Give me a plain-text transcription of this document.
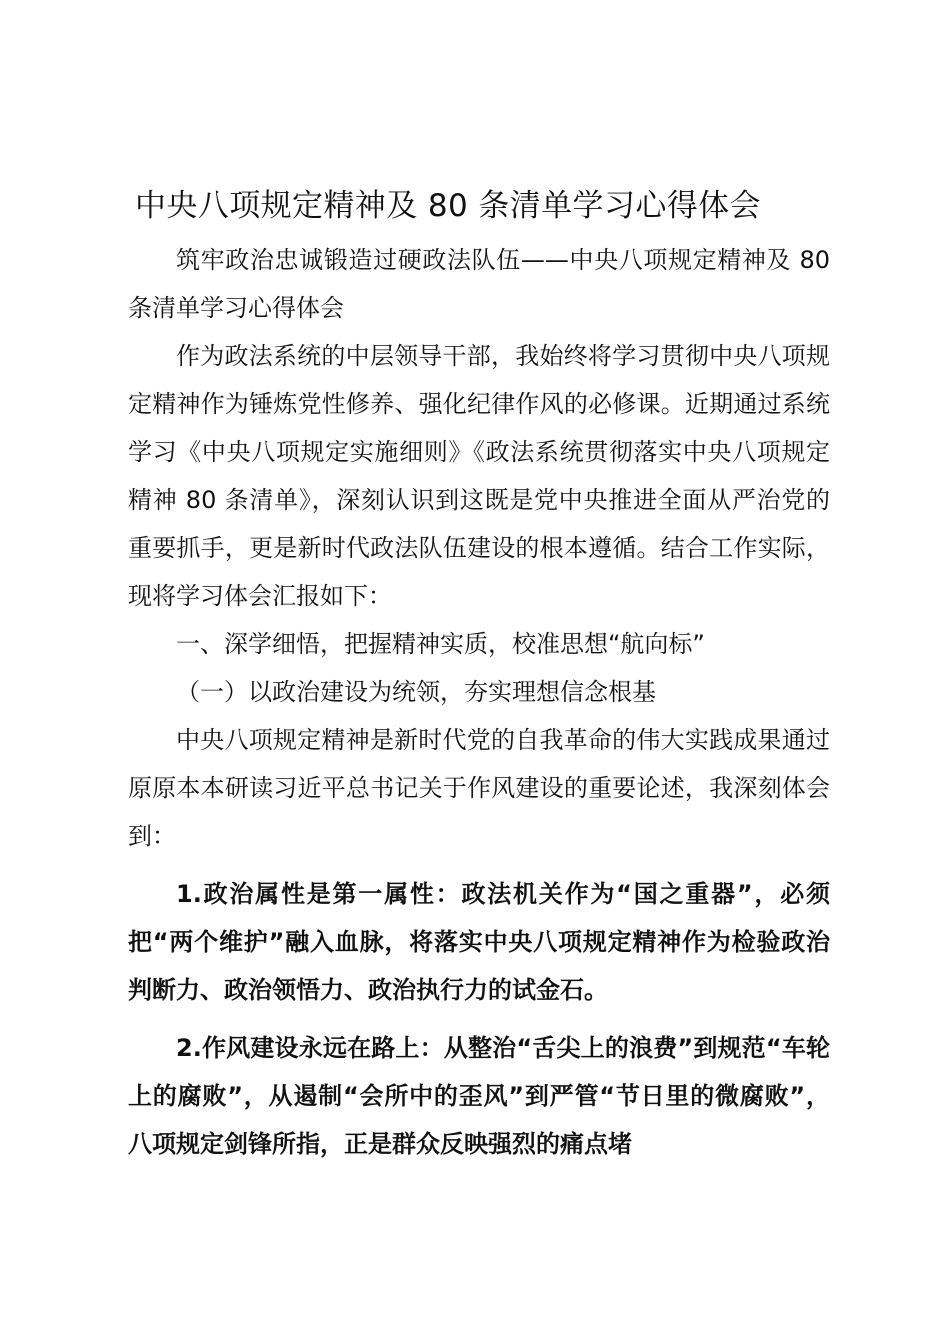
中央八项规定精神及 80 条清单学习心得体会

筑牢政治忠诚锻造过硬政法队伍——中央八项规定精神及 80 条清单学习心得体会

作为政法系统的中层领导干部，我始终将学习贯彻中央八项规定精神作为锤炼党性修养、强化纪律作风的必修课。近期通过系统学习《中央八项规定实施细则》《政法系统贯彻落实中央八项规定精神 80 条清单》，深刻认识到这既是党中央推进全面从严治党的重要抓手，更是新时代政法队伍建设的根本遵循。结合工作实际，现将学习体会汇报如下：

一、深学细悟，把握精神实质，校准思想“航向标”

（一）以政治建设为统领，夯实理想信念根基

中央八项规定精神是新时代党的自我革命的伟大实践成果通过原原本本研读习近平总书记关于作风建设的重要论述，我深刻体会到：

1.政治属性是第一属性：政法机关作为“国之重器”，必须把“两个维护”融入血脉，将落实中央八项规定精神作为检验政治判断力、政治领悟力、政治执行力的试金石。

2.作风建设永远在路上：从整治“舌尖上的浪费”到规范“车轮上的腐败”，从遏制“会所中的歪风”到严管“节日里的微腐败”，八项规定剑锋所指，正是群众反映强烈的痛点堵
